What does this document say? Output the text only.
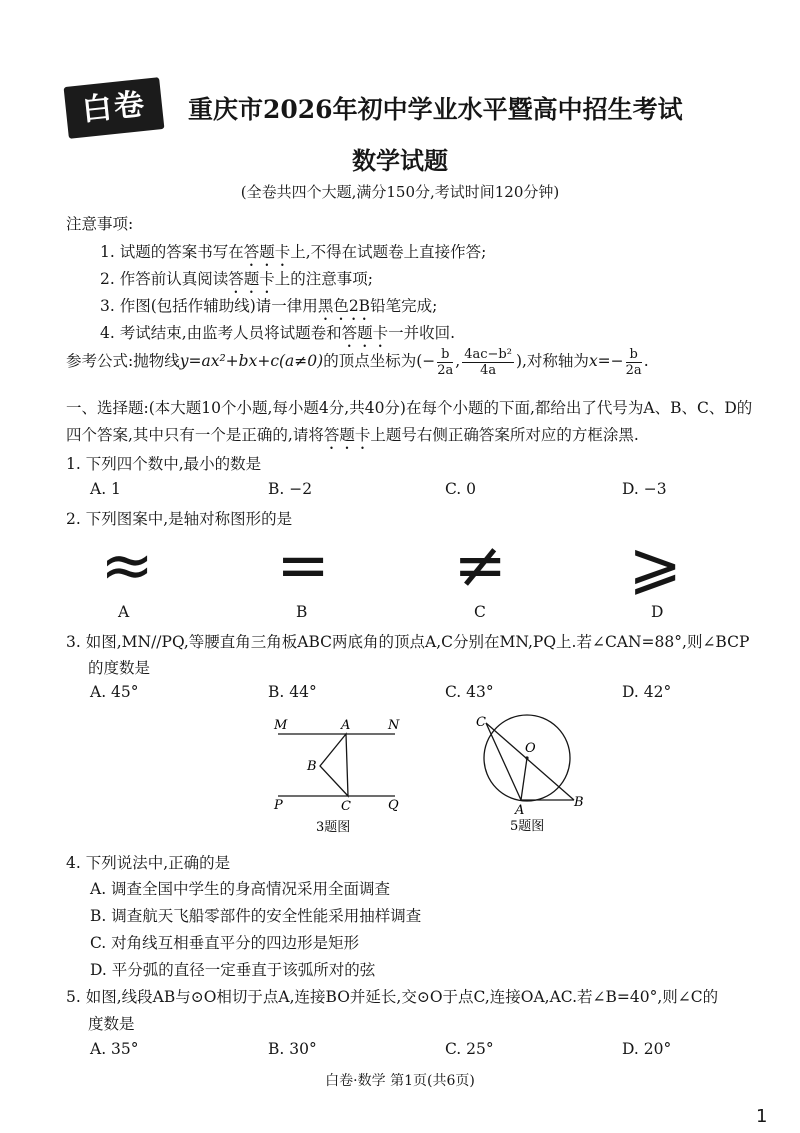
白卷	重庆市2026年初中学业水平暨高中招生考试
数学试题
(全卷共四个大题,满分150分,考试时间120分钟)
注意事项:
1. 试题的答案书写在答题卡上,不得在试题卷上直接作答;
2. 作答前认真阅读答题卡上的注意事项;
3. 作图(包括作辅助线)请一律用黑色2B铅笔完成;
4. 考试结束,由监考人员将试题卷和答题卡一并收回.
参考公式:抛物线y=ax²+bx+c(a≠0)的顶点坐标为(− $\frac{b}{2a}$ , $\frac{\text{4ac−b²}}{4a}$ ),对称轴为$x=- \frac{b}{2a}$ .
一、选择题:(本大题10个小题,每小题4分,共40分)在每个小题的下面,都给出了代号为A、B、C、D的
四个答案,其中只有一个是正确的,请将答题卡上题号右侧正确答案所对应的方框涂黑.
1. 下列四个数中,最小的数是
A. 1	B. −2	C. 0	D. −3
2. 下列图案中,是轴对称图形的是
≈ = ≠ ⩾
A	B	C	D
3. 如图,MN//PQ,等腰直角三角板ABC两底角的顶点A,C分别在MN,PQ上.若∠CAN=88°,则∠BCP
的度数是
A. 45°	B. 44°	C. 43°	D. 42°
M	A	N
B
P	C	Q
3题图
C
O
A
B
5题图
4. 下列说法中,正确的是
A. 调查全国中学生的身高情况采用全面调查
B. 调查航天飞船零部件的安全性能采用抽样调查
C. 对角线互相垂直平分的四边形是矩形
D. 平分弧的直径一定垂直于该弧所对的弦
5. 如图,线段AB与⊙O相切于点A,连接BO并延长,交⊙O于点C,连接OA,AC.若∠B=40°,则∠C的
度数是
A. 35°	B. 30°	C. 25°	D. 20°
白卷·数学 第1页(共6页)
1
